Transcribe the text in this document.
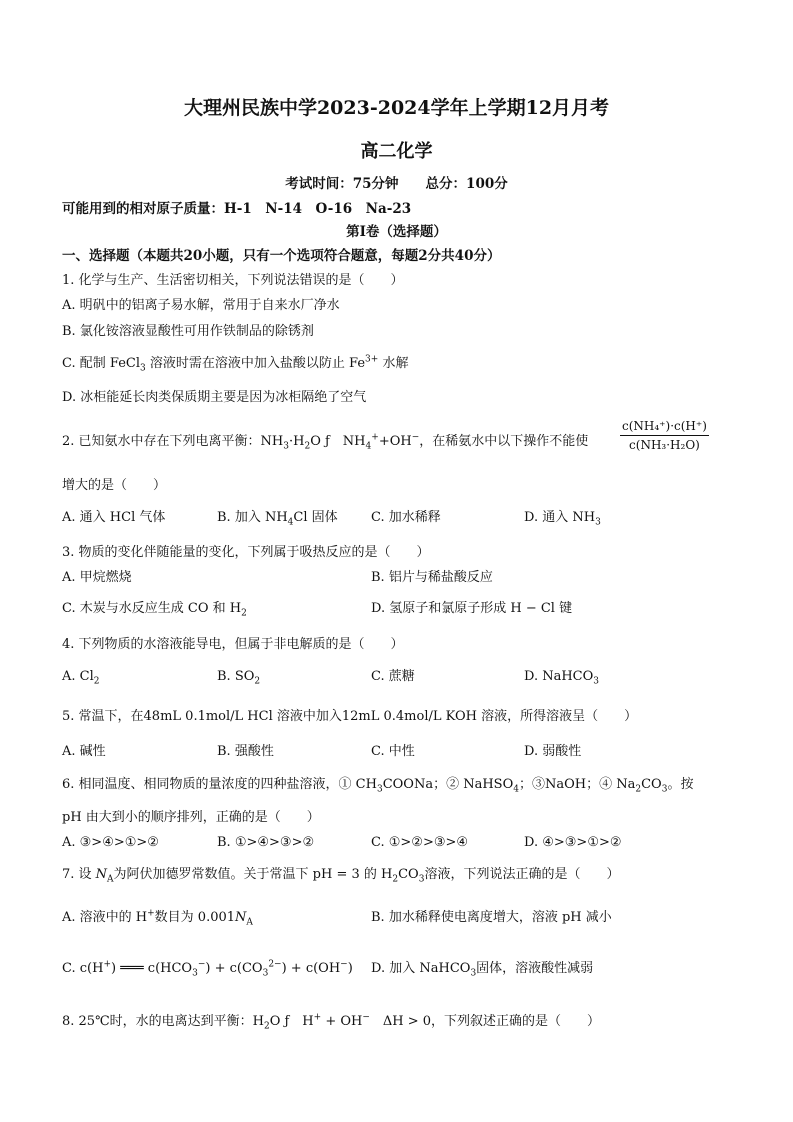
大理州民族中学2023-2024学年上学期12月月考
高二化学
考试时间：75分钟　　总分：100分
可能用到的相对原子质量：H-1　N-14　O-16　Na-23
第Ⅰ卷（选择题）
一、选择题（本题共20小题，只有一个选项符合题意，每题2分共40分）
1. 化学与生产、生活密切相关，下列说法错误的是（　　）
A. 明矾中的铝离子易水解，常用于自来水厂净水
B. 氯化铵溶液显酸性可用作铁制品的除锈剂
C. 配制 FeCl$_3$ 溶液时需在溶液中加入盐酸以防止 $Fe^{3+}$ 水解
D. 冰柜能延长肉类保质期主要是因为冰柜隔绝了空气
2. 已知氨水中存在下列电离平衡：$NH_3\cdot H_2O$ ƒ　$NH_4^++OH^-$，在稀氨水中以下操作不能使	$\frac{\text{c(NH₄⁺)·c(H⁺)}}{\text{c(NH₃·H₂O)}}$
增大的是（　　）
A. 通入 HCl 气体	B. 加入 $NH_4Cl$ 固体	C. 加水稀释	D. 通入 $NH_3$
3. 物质的变化伴随能量的变化，下列属于吸热反应的是（　　）
A. 甲烷燃烧	B. 铝片与稀盐酸反应
C. 木炭与水反应生成 CO 和 $H_2$	D. 氢原子和氯原子形成 H − Cl 键
4. 下列物质的水溶液能导电，但属于非电解质的是（　　）
A. $Cl_2$	B. $SO_2$	C. 蔗糖	D. NaHCO$_3$
5. 常温下，在48mL 0.1mol/L HCl 溶液中加入12mL 0.4mol/L KOH 溶液，所得溶液呈（　　）
A. 碱性	B. 强酸性	C. 中性	D. 弱酸性
6. 相同温度、相同物质的量浓度的四种盐溶液，① $CH_3COONa$；② NaHSO$_4$；③NaOH；④ $Na_2CO_3$。按
pH 由大到小的顺序排列，正确的是（　　）
A. ③>④>①>②	B. ①>④>③>②	C. ①>②>③>④	D. ④>③>①>②
7. 设 $N_A$为阿伏加德罗常数值。关于常温下 pH = 3 的 $H_2CO_3$溶液，下列说法正确的是（　　）
A. 溶液中的 H+数目为 $0.001N_A$	B. 加水稀释使电离度增大，溶液 pH 减小
C. c(H+) ═══ $c(HCO_3^-) + c(CO_3^{2-}) + c(OH^-)$ D. 加入 NaHCO$_3$固体，溶液酸性减弱
8. 25℃时，水的电离达到平衡：$H_2O$ ƒ　H+ + OH−　ΔH > 0，下列叙述正确的是（　　）
